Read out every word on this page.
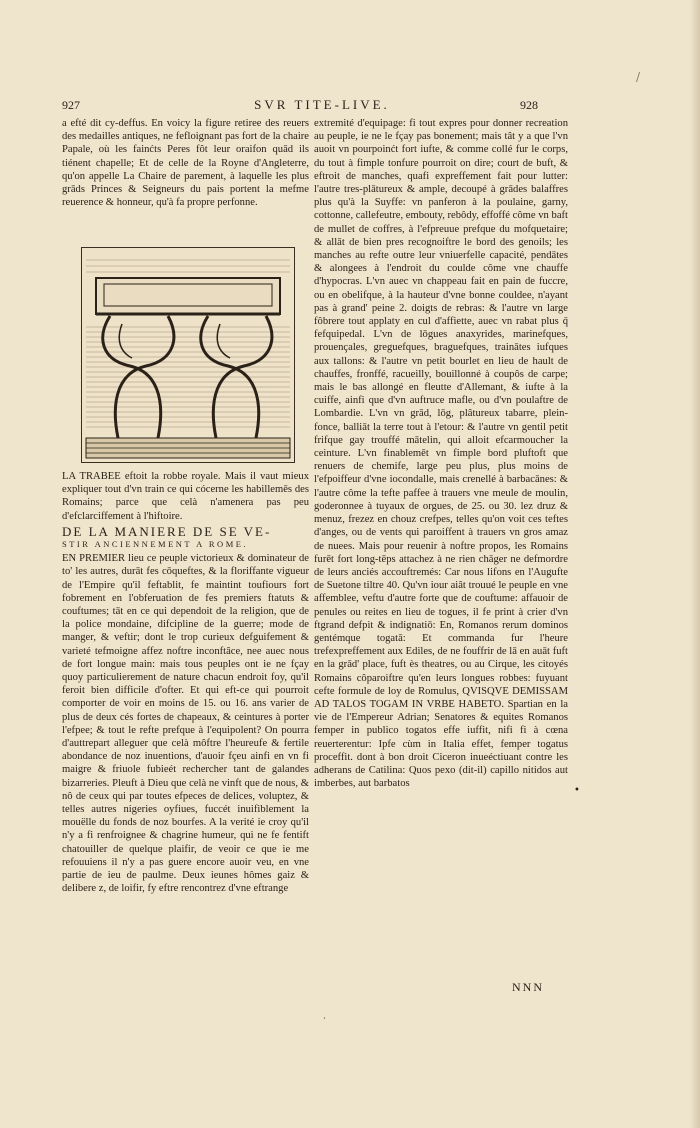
927	SVR TITE-LIVE.	928

a efté dit cy-deffus. En voicy la figure retiree des reuers des medailles antiques, ne fefloignant pas fort de la chaire Papale, où les fainćts Peres fôt leur oraifon quād ils tiénent chapelle; Et de celle de la Royne d'Angleterre, qu'on appelle La Chaire de parement, à laquelle les plus grāds Princes & Seigneurs du pais portent la mefme reuerence & honneur, qu'à fa propre perfonne.

LA TRABEE eftoit la robbe royale. Mais il vaut mieux expliquer tout d'vn train ce qui cócerne les habillemēs des Romains; parce que celà n'amenera pas peu d'efclarciffement à l'hiftoire.

DE LA MANIERE DE SE VE-
STIR ANCIENNEMENT A ROME.

EN PREMIER lieu ce peuple victorieux & dominateur de to' les autres, durāt fes cōqueftes, & la floriffante vigueur de l'Empire qu'il feftablit, fe maintint toufiours fort fobrement en l'obferuation de fes premiers ftatuts & couftumes; tāt en ce qui dependoit de la religion, que de la police mondaine, difcipline de la guerre; mode de manger, & veftir; dont le trop curieux defguifement & varieté tefmoigne affez noftre inconftâce, nee auec nous de fort longue main: mais tous peuples ont ie ne fçay quoy particulierement de nature chacun endroit foy, qu'il feroit bien difficile d'ofter. Et qui eft-ce qui pourroit comporter de voir en moins de 15. ou 16. ans varier de plus de deux cés fortes de chapeaux, & ceintures à porter l'efpee; & tout le refte prefque à l'equipolent? On pourra d'auttrepart alleguer que celà môftre l'heureufe & fertile abondance de noz inuentions, d'auoir fçeu ainfi en vn fi maigre & friuole fubieét rechercher tant de galandes bizarreries. Pleuft à Dieu que celà ne vinft que de nous, & nô de ceux qui par toutes efpeces de delices, voluptez, & telles autres nigeries oyfiues, fuccét inuifiblement la mouëlle du fonds de noz bourfes. A la verité ie croy qu'il n'y a fi renfroignee & chagrine humeur, qui ne fe fentift chatouiller de quelque plaifir, de veoir ce que ie me refouuiens il n'y a pas guere encore auoir veu, en vne partie de ieu de paulme. Deux ieunes hômes gaiz & delibere z, de loifir, fy eftre rencontrez d'vne eftrange

extremité d'equipage: fi tout expres pour donner recreation au peuple, ie ne le fçay pas bonement; mais tât y a que l'vn auoit vn pourpoinćt fort iufte, & comme collé fur le corps, du tout à fimple tonfure pourroit on dire; court de buft, & eftroit de manches, quafi expreffement fait pour lutter: l'autre tres-plātureux & ample, decoupé à grādes balaffres plus qu'à la Suyffe: vn panferon à la poulaine, garny, cottonne, callefeutre, embouty, rebôdy, effoffé côme vn baft de mullet de coffres, à l'efpreuue prefque du mofquetaire; & allāt de bien pres recognoiftre le bord des genoils; les manches au refte outre leur vniuerfelle capacité, pendātes & alongees à l'endroit du coulde côme vne chauffe d'hypocras. L'vn auec vn chappeau fait en pain de fuccre, ou en obelifque, à la hauteur d'vne bonne couldee, n'ayant pas à grand' peine 2. doigts de rebras: & l'autre vn large fôbrere tout applaty en cul d'affiette, auec vn rabat plus q̄ fefquipedal. L'vn de lōgues anaxyrides, marinefques, prouençales, greguefques, braguefques, trainātes iufques aux tallons: & l'autre vn petit bourlet en lieu de hault de chauffes, fronffé, racueilly, bouillonné à coupôs de carpe; mais le bas allongé en fleutte d'Allemant, & iufte à la cuiffe, ainfi que d'vn auftruce mafle, ou d'vn poulaftre de Lombardie. L'vn vn grād, lōg, plâtureux tabarre, plein-fonce, balliāt la terre tout à l'etour: & l'autre vn gentil petit frifque gay trouffé mātelin, qui alloit efcarmoucher la ceinture. L'vn finablemēt vn fimple bord pluftoft que renuers de chemife, large peu plus, plus moins de l'efpoiffeur d'vne iocondalle, mais crenellé à barbacānes: & l'autre côme la tefte paffee à trauers vne meule de moulin, goderonnee à tuyaux de orgues, de 25. ou 30. lez druz & menuz, frezez en chouz crefpes, telles qu'on voit ces teftes d'anges, ou de vents qui paroiffent à trauers vn gros amaz de nuees. Mais pour reuenir à noftre propos, les Romains furēt fort long-tēps attachez à ne rien chāger ne defmordre de leurs anciés accouftremés: Car nous lifons en l'Augufte de Suetone tiltre 40. Qu'vn iour aiât trouué le peuple en vne affemblee, veftu d'autre forte que de couftume: affauoir de penules ou reites en lieu de togues, il fe print à crier d'vn ftgrand defpit & indignatiō: En, Romanos rerum dominos gentémque togatā: Et commanda fur l'heure trefexpreffement aux Ediles, de ne fouffrir de lā en auāt fuft en la grād' place, fuft ès theatres, ou au Cirque, les citoyés Romains côparoiftre qu'en leurs longues robbes: fuyuant cefte formule de loy de Romulus, QVISQVE DEMISSAM AD TALOS TOGAM IN VRBE HABETO. Spartian en la vie de l'Empereur Adrian; Senatores & equites Romanos femper in publico togatos effe iuffit, nifi fi à cœna reuerterentur: Ipfe cùm in Italia effet, femper togatus proceffit. dont à bon droit Ciceron inueéctiuant contre les adherans de Catilina: Quos pexo (dit-il) capillo nitidos aut imberbes, aut barbatos

NNN
/
•
’
